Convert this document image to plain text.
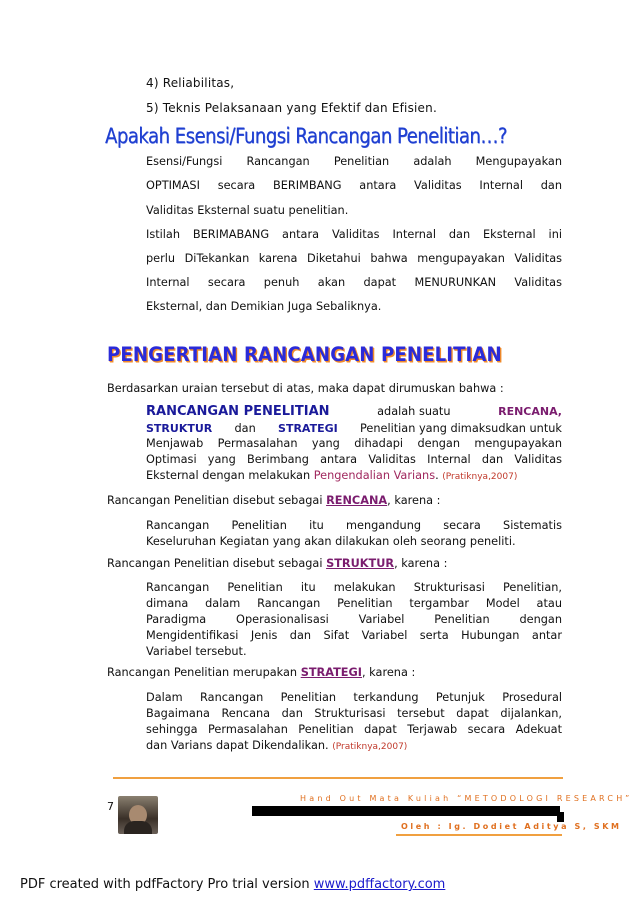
4) Reliabilitas,
5) Teknis Pelaksanaan yang Efektif dan Efisien.
Apakah Esensi/Fungsi Rancangan Penelitian…?
Esensi/Fungsi Rancangan Penelitian adalah Mengupayakan
OPTIMASI secara BERIMBANG antara Validitas Internal dan
Validitas Eksternal suatu penelitian.
Istilah BERIMABANG antara Validitas Internal dan Eksternal ini
perlu DiTekankan karena Diketahui bahwa mengupayakan Validitas
Internal secara penuh akan dapat MENURUNKAN Validitas
Eksternal, dan Demikian Juga Sebaliknya.
PENGERTIAN RANCANGAN PENELITIAN
Berdasarkan uraian tersebut di atas, maka dapat dirumuskan bahwa :
RANCANGAN PENELITIAN	adalah suatu	RENCANA,
STRUKTUR dan STRATEGI Penelitian yang dimaksudkan untuk
Menjawab Permasalahan yang dihadapi dengan mengupayakan
Optimasi yang Berimbang antara Validitas Internal dan Validitas
Eksternal dengan melakukan Pengendalian Varians. (Pratiknya,2007)
Rancangan Penelitian disebut sebagai RENCANA, karena :
Rancangan Penelitian itu mengandung secara Sistematis
Keseluruhan Kegiatan yang akan dilakukan oleh seorang peneliti.
Rancangan Penelitian disebut sebagai STRUKTUR, karena :
Rancangan Penelitian itu melakukan Strukturisasi Penelitian,
dimana dalam Rancangan Penelitian tergambar Model atau
Paradigma Operasionalisasi Variabel Penelitian dengan
Mengidentifikasi Jenis dan Sifat Variabel serta Hubungan antar
Variabel tersebut.
Rancangan Penelitian merupakan STRATEGI, karena :
Dalam Rancangan Penelitian terkandung Petunjuk Prosedural
Bagaimana Rencana dan Strukturisasi tersebut dapat dijalankan,
sehingga Permasalahan Penelitian dapat Terjawab secara Adekuat
dan Varians dapat Dikendalikan. (Pratiknya,2007)
7
Hand Out Mata Kuliah “METODOLOGI RESEARCH”
Oleh : Ig. Dodiet Aditya S, SKM
PDF created with pdfFactory Pro trial version www.pdffactory.com
